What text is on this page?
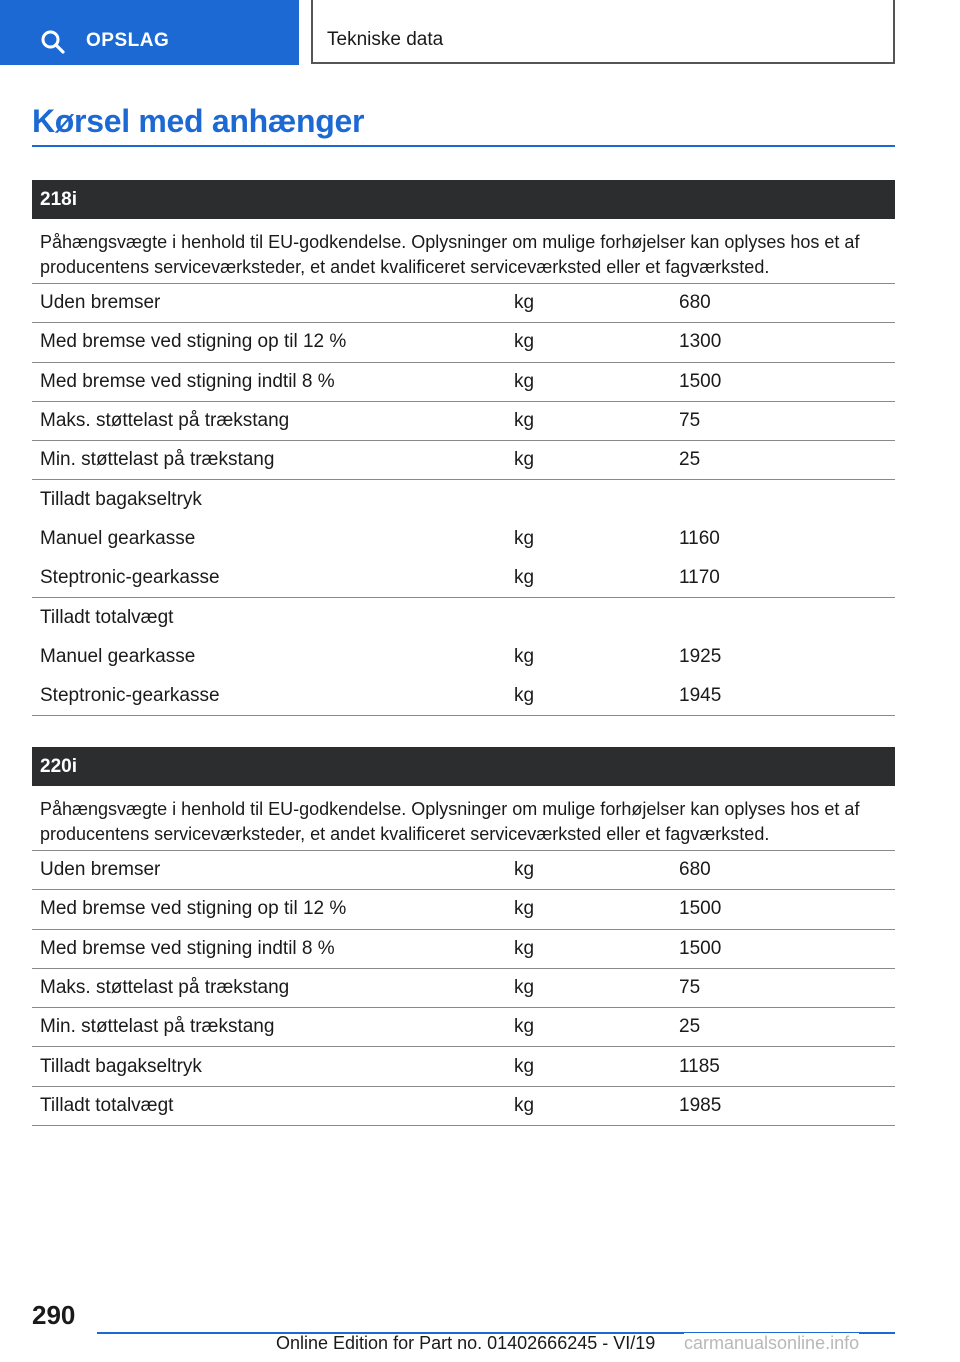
OPSLAG	Tekniske data
Kørsel med anhænger
218i
Påhængsvægte i henhold til EU-godkendelse. Oplysninger om mulige forhøjelser kan oplyses hos et af producentens serviceværksteder, et andet kvalificeret serviceværksted eller et fagværksted.
Uden bremser	kg	680
Med bremse ved stigning op til 12 %	kg	1300
Med bremse ved stigning indtil 8 %	kg	1500
Maks. støttelast på trækstang	kg	75
Min. støttelast på trækstang	kg	25
Tilladt bagakseltryk
Manuel gearkasse	kg	1160
Steptronic-gearkasse	kg	1170
Tilladt totalvægt
Manuel gearkasse	kg	1925
Steptronic-gearkasse	kg	1945
220i
Påhængsvægte i henhold til EU-godkendelse. Oplysninger om mulige forhøjelser kan oplyses hos et af producentens serviceværksteder, et andet kvalificeret serviceværksted eller et fagværksted.
Uden bremser	kg	680
Med bremse ved stigning op til 12 %	kg	1500
Med bremse ved stigning indtil 8 %	kg	1500
Maks. støttelast på trækstang	kg	75
Min. støttelast på trækstang	kg	25
Tilladt bagakseltryk	kg	1185
Tilladt totalvægt	kg	1985
290
Online Edition for Part no. 01402666245 - VI/19 carmanualsonline.info
